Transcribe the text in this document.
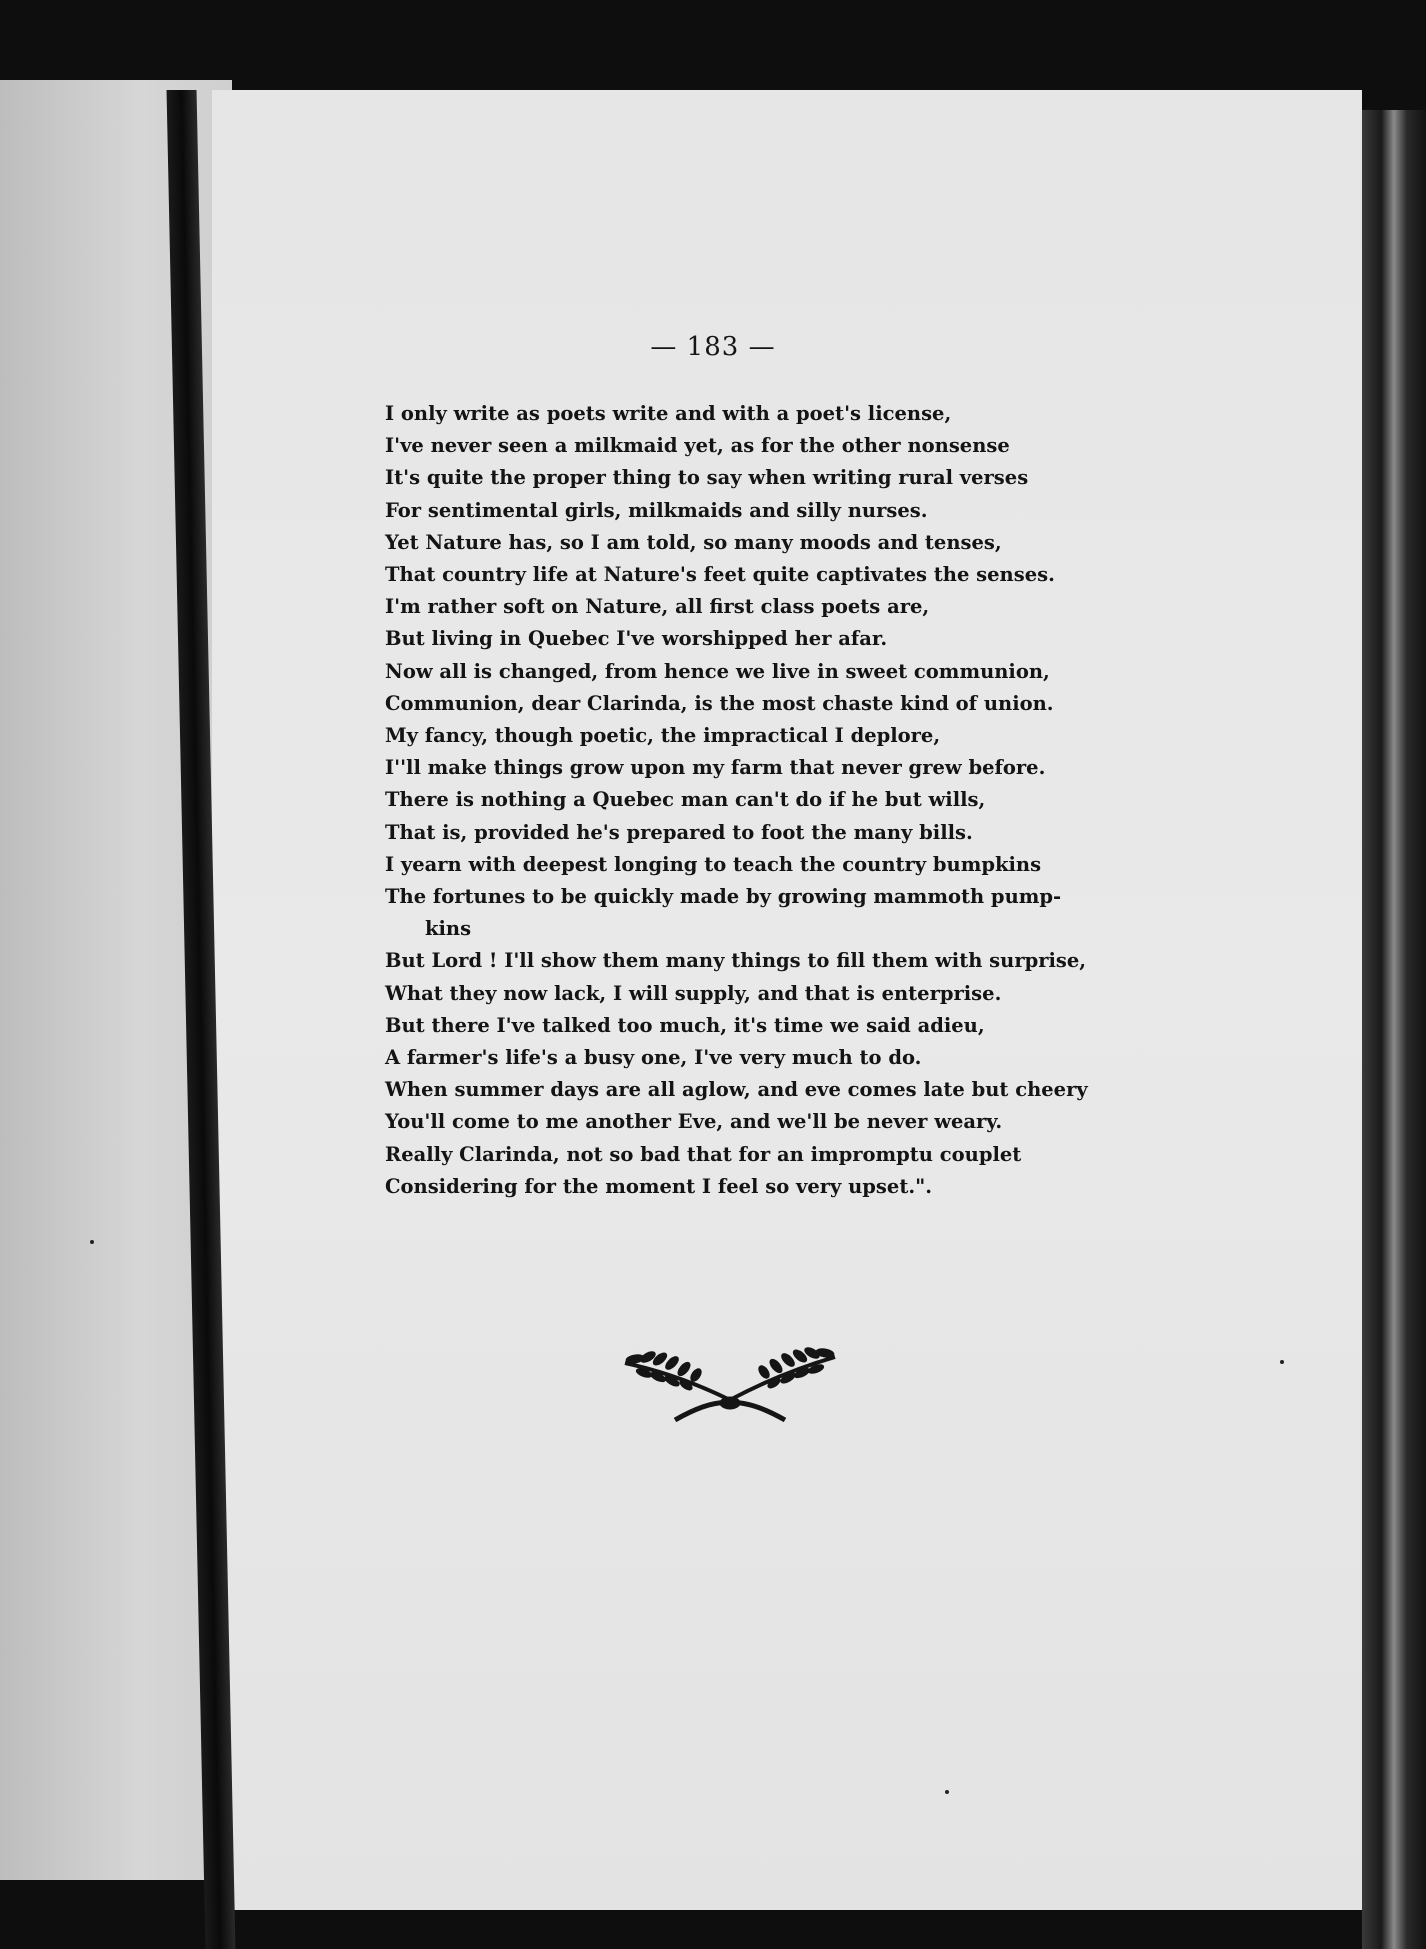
— 183 —
I only write as poets write and with a poet's license,
I've never seen a milkmaid yet, as for the other nonsense
It's quite the proper thing to say when writing rural verses
For sentimental girls, milkmaids and silly nurses.
Yet Nature has, so I am told, so many moods and tenses,
That country life at Nature's feet quite captivates the senses.
I'm rather soft on Nature, all first class poets are,
But living in Quebec I've worshipped her afar.
Now all is changed, from hence we live in sweet communion,
Communion, dear Clarinda, is the most chaste kind of union.
My fancy, though poetic, the impractical I deplore,
I''ll make things grow upon my farm that never grew before.
There is nothing a Quebec man can't do if he but wills,
That is, provided he's prepared to foot the many bills.
I yearn with deepest longing to teach the country bumpkins
The fortunes to be quickly made by growing mammoth pump-
kins
But Lord ! I'll show them many things to fill them with surprise,
What they now lack, I will supply, and that is enterprise.
But there I've talked too much, it's time we said adieu,
A farmer's life's a busy one, I've very much to do.
When summer days are all aglow, and eve comes late but cheery
You'll come to me another Eve, and we'll be never weary.
Really Clarinda, not so bad that for an impromptu couplet
Considering for the moment I feel so very upset.".
